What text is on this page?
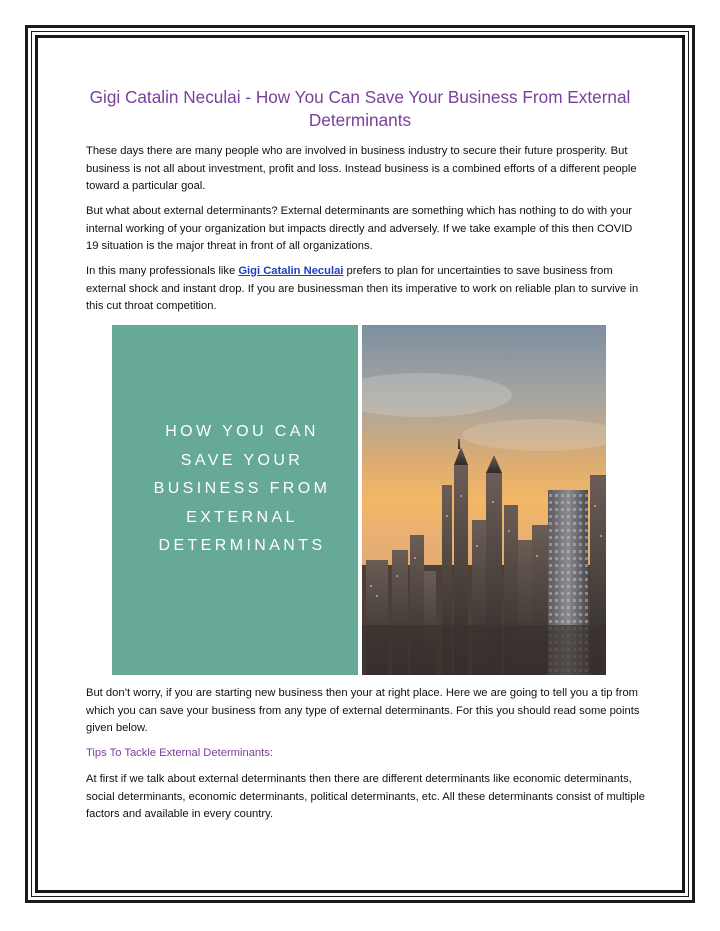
Gigi Catalin Neculai - How You Can Save Your Business From External
Determinants

These days there are many people who are involved in business industry to secure their future prosperity. But business is not all about investment, profit and loss. Instead business is a combined efforts of a different people toward a particular goal.

But what about external determinants? External determinants are something which has nothing to do with your internal working of your organization but impacts directly and adversely. If we take example of this then COVID 19 situation is the major threat in front of all organizations.

In this many professionals like Gigi Catalin Neculai prefers to plan for uncertainties to save business from external shock and instant drop. If you are businessman then its imperative to work on reliable plan to survive in this cut throat competition.

HOW YOU CAN
SAVE YOUR
BUSINESS FROM
EXTERNAL
DETERMINANTS

But don’t worry, if you are starting new business then your at right place. Here we are going to tell you a tip from which you can save your business from any type of external determinants. For this you should read some points given below.

Tips To Tackle External Determinants:

At first if we talk about external determinants then there are different determinants like economic determinants, social determinants, economic determinants, political determinants, etc. All these determinants consist of multiple factors and available in every country.
